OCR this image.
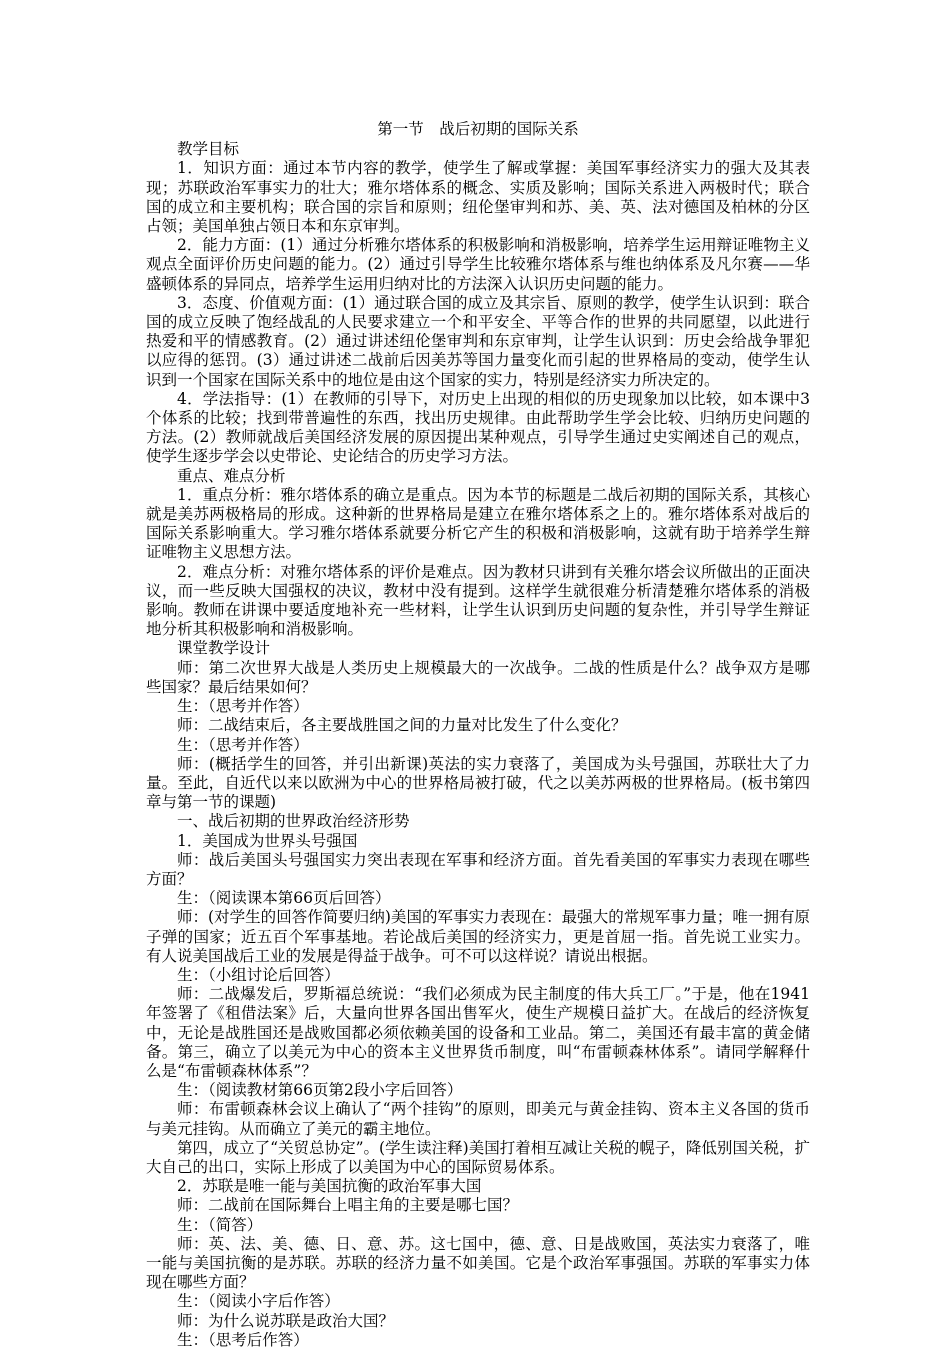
第一节　战后初期的国际关系

教学目标

1．知识方面：通过本节内容的教学，使学生了解或掌握：美国军事经济实力的强大及其表现；苏联政治军事实力的壮大；雅尔塔体系的概念、实质及影响；国际关系进入两极时代；联合国的成立和主要机构；联合国的宗旨和原则；纽伦堡审判和苏、美、英、法对德国及柏林的分区占领；美国单独占领日本和东京审判。

2．能力方面：(1）通过分析雅尔塔体系的积极影响和消极影响，培养学生运用辩证唯物主义观点全面评价历史问题的能力。(2）通过引导学生比较雅尔塔体系与维也纳体系及凡尔赛——华盛顿体系的异同点，培养学生运用归纳对比的方法深入认识历史问题的能力。

3．态度、价值观方面：(1）通过联合国的成立及其宗旨、原则的教学，使学生认识到：联合国的成立反映了饱经战乱的人民要求建立一个和平安全、平等合作的世界的共同愿望，以此进行热爱和平的情感教育。(2）通过讲述纽伦堡审判和东京审判，让学生认识到：历史会给战争罪犯以应得的惩罚。(3）通过讲述二战前后因美苏等国力量变化而引起的世界格局的变动，使学生认识到一个国家在国际关系中的地位是由这个国家的实力，特别是经济实力所决定的。

4．学法指导：(1）在教师的引导下，对历史上出现的相似的历史现象加以比较，如本课中3个体系的比较；找到带普遍性的东西，找出历史规律。由此帮助学生学会比较、归纳历史问题的方法。(2）教师就战后美国经济发展的原因提出某种观点，引导学生通过史实阐述自己的观点，使学生逐步学会以史带论、史论结合的历史学习方法。

重点、难点分析

1．重点分析：雅尔塔体系的确立是重点。因为本节的标题是二战后初期的国际关系，其核心就是美苏两极格局的形成。这种新的世界格局是建立在雅尔塔体系之上的。雅尔塔体系对战后的国际关系影响重大。学习雅尔塔体系就要分析它产生的积极和消极影响，这就有助于培养学生辩证唯物主义思想方法。

2．难点分析：对雅尔塔体系的评价是难点。因为教材只讲到有关雅尔塔会议所做出的正面决议，而一些反映大国强权的决议，教材中没有提到。这样学生就很难分析清楚雅尔塔体系的消极影响。教师在讲课中要适度地补充一些材料，让学生认识到历史问题的复杂性，并引导学生辩证地分析其积极影响和消极影响。

课堂教学设计

师：第二次世界大战是人类历史上规模最大的一次战争。二战的性质是什么？战争双方是哪些国家？最后结果如何？

生：（思考并作答）

师：二战结束后，各主要战胜国之间的力量对比发生了什么变化？

生：（思考并作答）

师：(概括学生的回答，并引出新课)英法的实力衰落了，美国成为头号强国，苏联壮大了力量。至此，自近代以来以欧洲为中心的世界格局被打破，代之以美苏两极的世界格局。(板书第四章与第一节的课题)

一、战后初期的世界政治经济形势

1．美国成为世界头号强国

师：战后美国头号强国实力突出表现在军事和经济方面。首先看美国的军事实力表现在哪些方面？

生：（阅读课本第66页后回答）

师：(对学生的回答作简要归纳)美国的军事实力表现在：最强大的常规军事力量；唯一拥有原子弹的国家；近五百个军事基地。若论战后美国的经济实力，更是首屈一指。首先说工业实力。有人说美国战后工业的发展是得益于战争。可不可以这样说？请说出根据。

生：（小组讨论后回答）

师：二战爆发后，罗斯福总统说：“我们必须成为民主制度的伟大兵工厂。”于是，他在1941年签署了《租借法案》后，大量向世界各国出售军火，使生产规模日益扩大。在战后的经济恢复中，无论是战胜国还是战败国都必须依赖美国的设备和工业品。第二，美国还有最丰富的黄金储备。第三，确立了以美元为中心的资本主义世界货币制度，叫“布雷顿森林体系”。请同学解释什么是“布雷顿森林体系”？

生：（阅读教材第66页第2段小字后回答）

师：布雷顿森林会议上确认了“两个挂钩”的原则，即美元与黄金挂钩、资本主义各国的货币与美元挂钩。从而确立了美元的霸主地位。

第四，成立了“关贸总协定”。(学生读注释)美国打着相互减让关税的幌子，降低别国关税，扩大自己的出口，实际上形成了以美国为中心的国际贸易体系。

2．苏联是唯一能与美国抗衡的政治军事大国

师：二战前在国际舞台上唱主角的主要是哪七国？

生：（简答）

师：英、法、美、德、日、意、苏。这七国中，德、意、日是战败国，英法实力衰落了，唯一能与美国抗衡的是苏联。苏联的经济力量不如美国。它是个政治军事强国。苏联的军事实力体现在哪些方面？

生：（阅读小字后作答）

师：为什么说苏联是政治大国？

生：（思考后作答）
